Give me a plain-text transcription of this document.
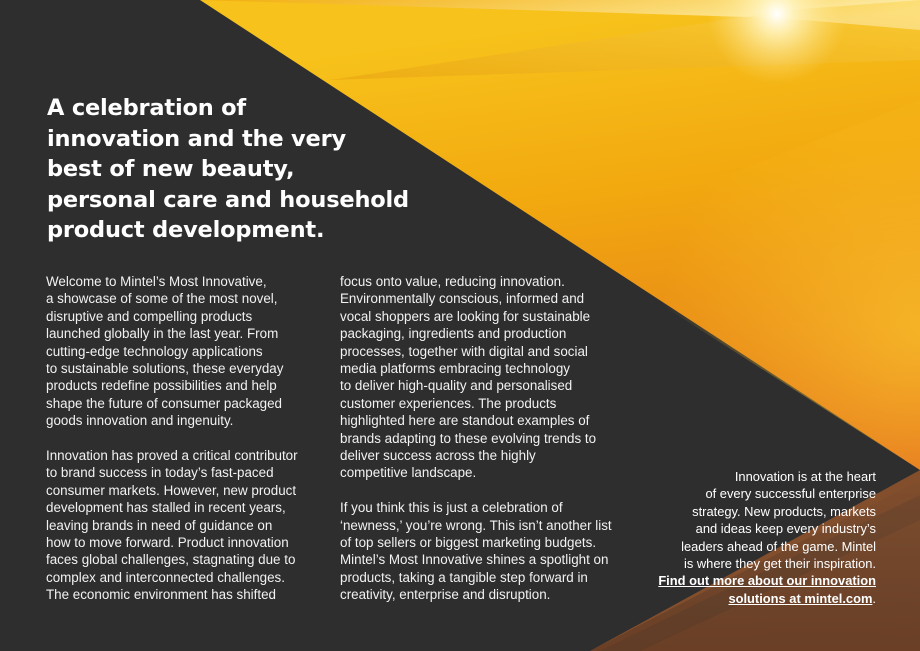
A celebration of
innovation and the very
best of new beauty,
personal care and household
product development.

Welcome to Mintel’s Most Innovative,
a showcase of some of the most novel,
disruptive and compelling products
launched globally in the last year. From
cutting-edge technology applications
to sustainable solutions, these everyday
products redefine possibilities and help
shape the future of consumer packaged
goods innovation and ingenuity.

Innovation has proved a critical contributor
to brand success in today’s fast-paced
consumer markets. However, new product
development has stalled in recent years,
leaving brands in need of guidance on
how to move forward. Product innovation
faces global challenges, stagnating due to
complex and interconnected challenges.
The economic environment has shifted

focus onto value, reducing innovation.
Environmentally conscious, informed and
vocal shoppers are looking for sustainable
packaging, ingredients and production
processes, together with digital and social
media platforms embracing technology
to deliver high-quality and personalised
customer experiences. The products
highlighted here are standout examples of
brands adapting to these evolving trends to
deliver success across the highly
competitive landscape.

If you think this is just a celebration of
‘newness,’ you’re wrong. This isn’t another list
of top sellers or biggest marketing budgets.
Mintel’s Most Innovative shines a spotlight on
products, taking a tangible step forward in
creativity, enterprise and disruption.

Innovation is at the heart
of every successful enterprise
strategy. New products, markets
and ideas keep every industry’s
leaders ahead of the game. Mintel
is where they get their inspiration.

Find out more about our innovation
solutions at mintel.com.
